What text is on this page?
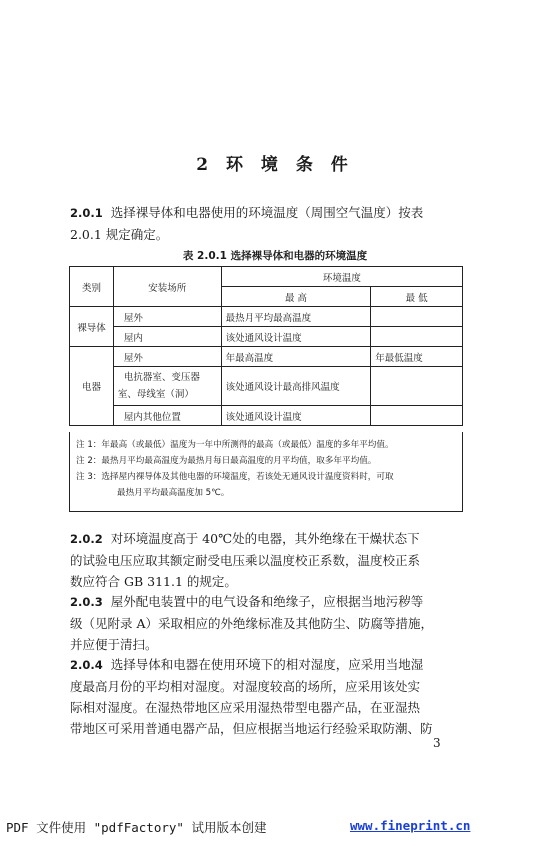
2 环 境 条 件
2.0.1 选择裸导体和电器使用的环境温度（周围空气温度）按表
2.0.1 规定确定。
表 2.0.1 选择裸导体和电器的环境温度
类别	安装场所	环境温度	
		最 高	最 低
裸导体	屋外	最热月平均最高温度	
	屋内	该处通风设计温度	
电器	屋外	年最高温度	年最低温度

	电抗器室、变压器
室、母线室（洞）	该处通风设计最高排风温度	
	屋内其他位置	该处通风设计温度	
注 1：年最高（或最低）温度为一年中所测得的最高（或最低）温度的多年平均值。
注 2：最热月平均最高温度为最热月每日最高温度的月平均值，取多年平均值。
注 3：选择屋内裸导体及其他电器的环境温度，若该处无通风设计温度资料时，可取
最热月平均最高温度加 5℃。
2.0.2 对环境温度高于 40℃处的电器，其外绝缘在干燥状态下
的试验电压应取其额定耐受电压乘以温度校正系数，温度校正系
数应符合 GB 311.1 的规定。
2.0.3 屋外配电装置中的电气设备和绝缘子，应根据当地污秽等
级（见附录 A）采取相应的外绝缘标准及其他防尘、防腐等措施，
并应便于清扫。
2.0.4 选择导体和电器在使用环境下的相对湿度，应采用当地湿
度最高月份的平均相对湿度。对湿度较高的场所，应采用该处实
际相对湿度。在湿热带地区应采用湿热带型电器产品，在亚湿热
带地区可采用普通电器产品，但应根据当地运行经验采取防潮、防
3
PDF 文件使用 "pdfFactory" 试用版本创建	www.fineprint.cn
